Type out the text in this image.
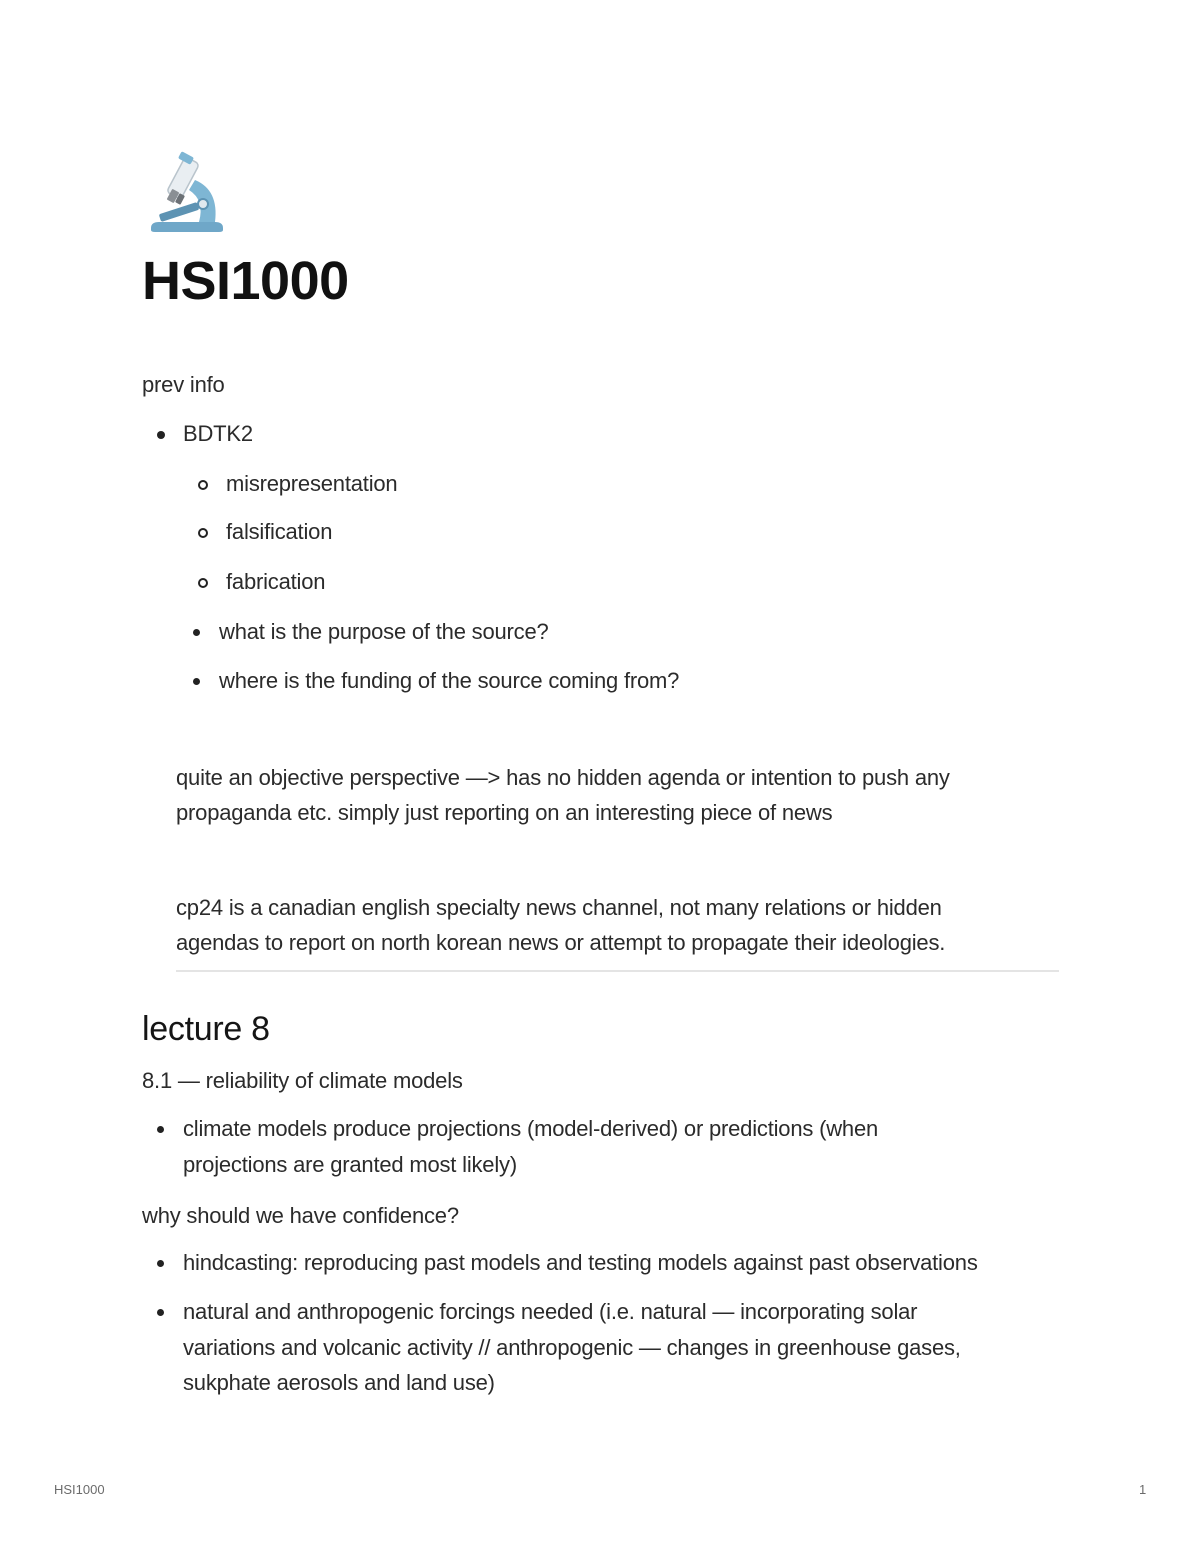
HSI1000
prev info
BDTK2
misrepresentation
falsification
fabrication
what is the purpose of the source?
where is the funding of the source coming from?
quite an objective perspective —> has no hidden agenda or intention to push any
propaganda etc. simply just reporting on an interesting piece of news
cp24 is a canadian english specialty news channel, not many relations or hidden
agendas to report on north korean news or attempt to propagate their ideologies.
lecture 8
8.1 — reliability of climate models
climate models produce projections (model-derived) or predictions (when
projections are granted most likely)
why should we have confidence?
hindcasting: reproducing past models and testing models against past observations
natural and anthropogenic forcings needed (i.e. natural — incorporating solar
variations and volcanic activity // anthropogenic — changes in greenhouse gases,
sukphate aerosols and land use)
HSI1000	1
